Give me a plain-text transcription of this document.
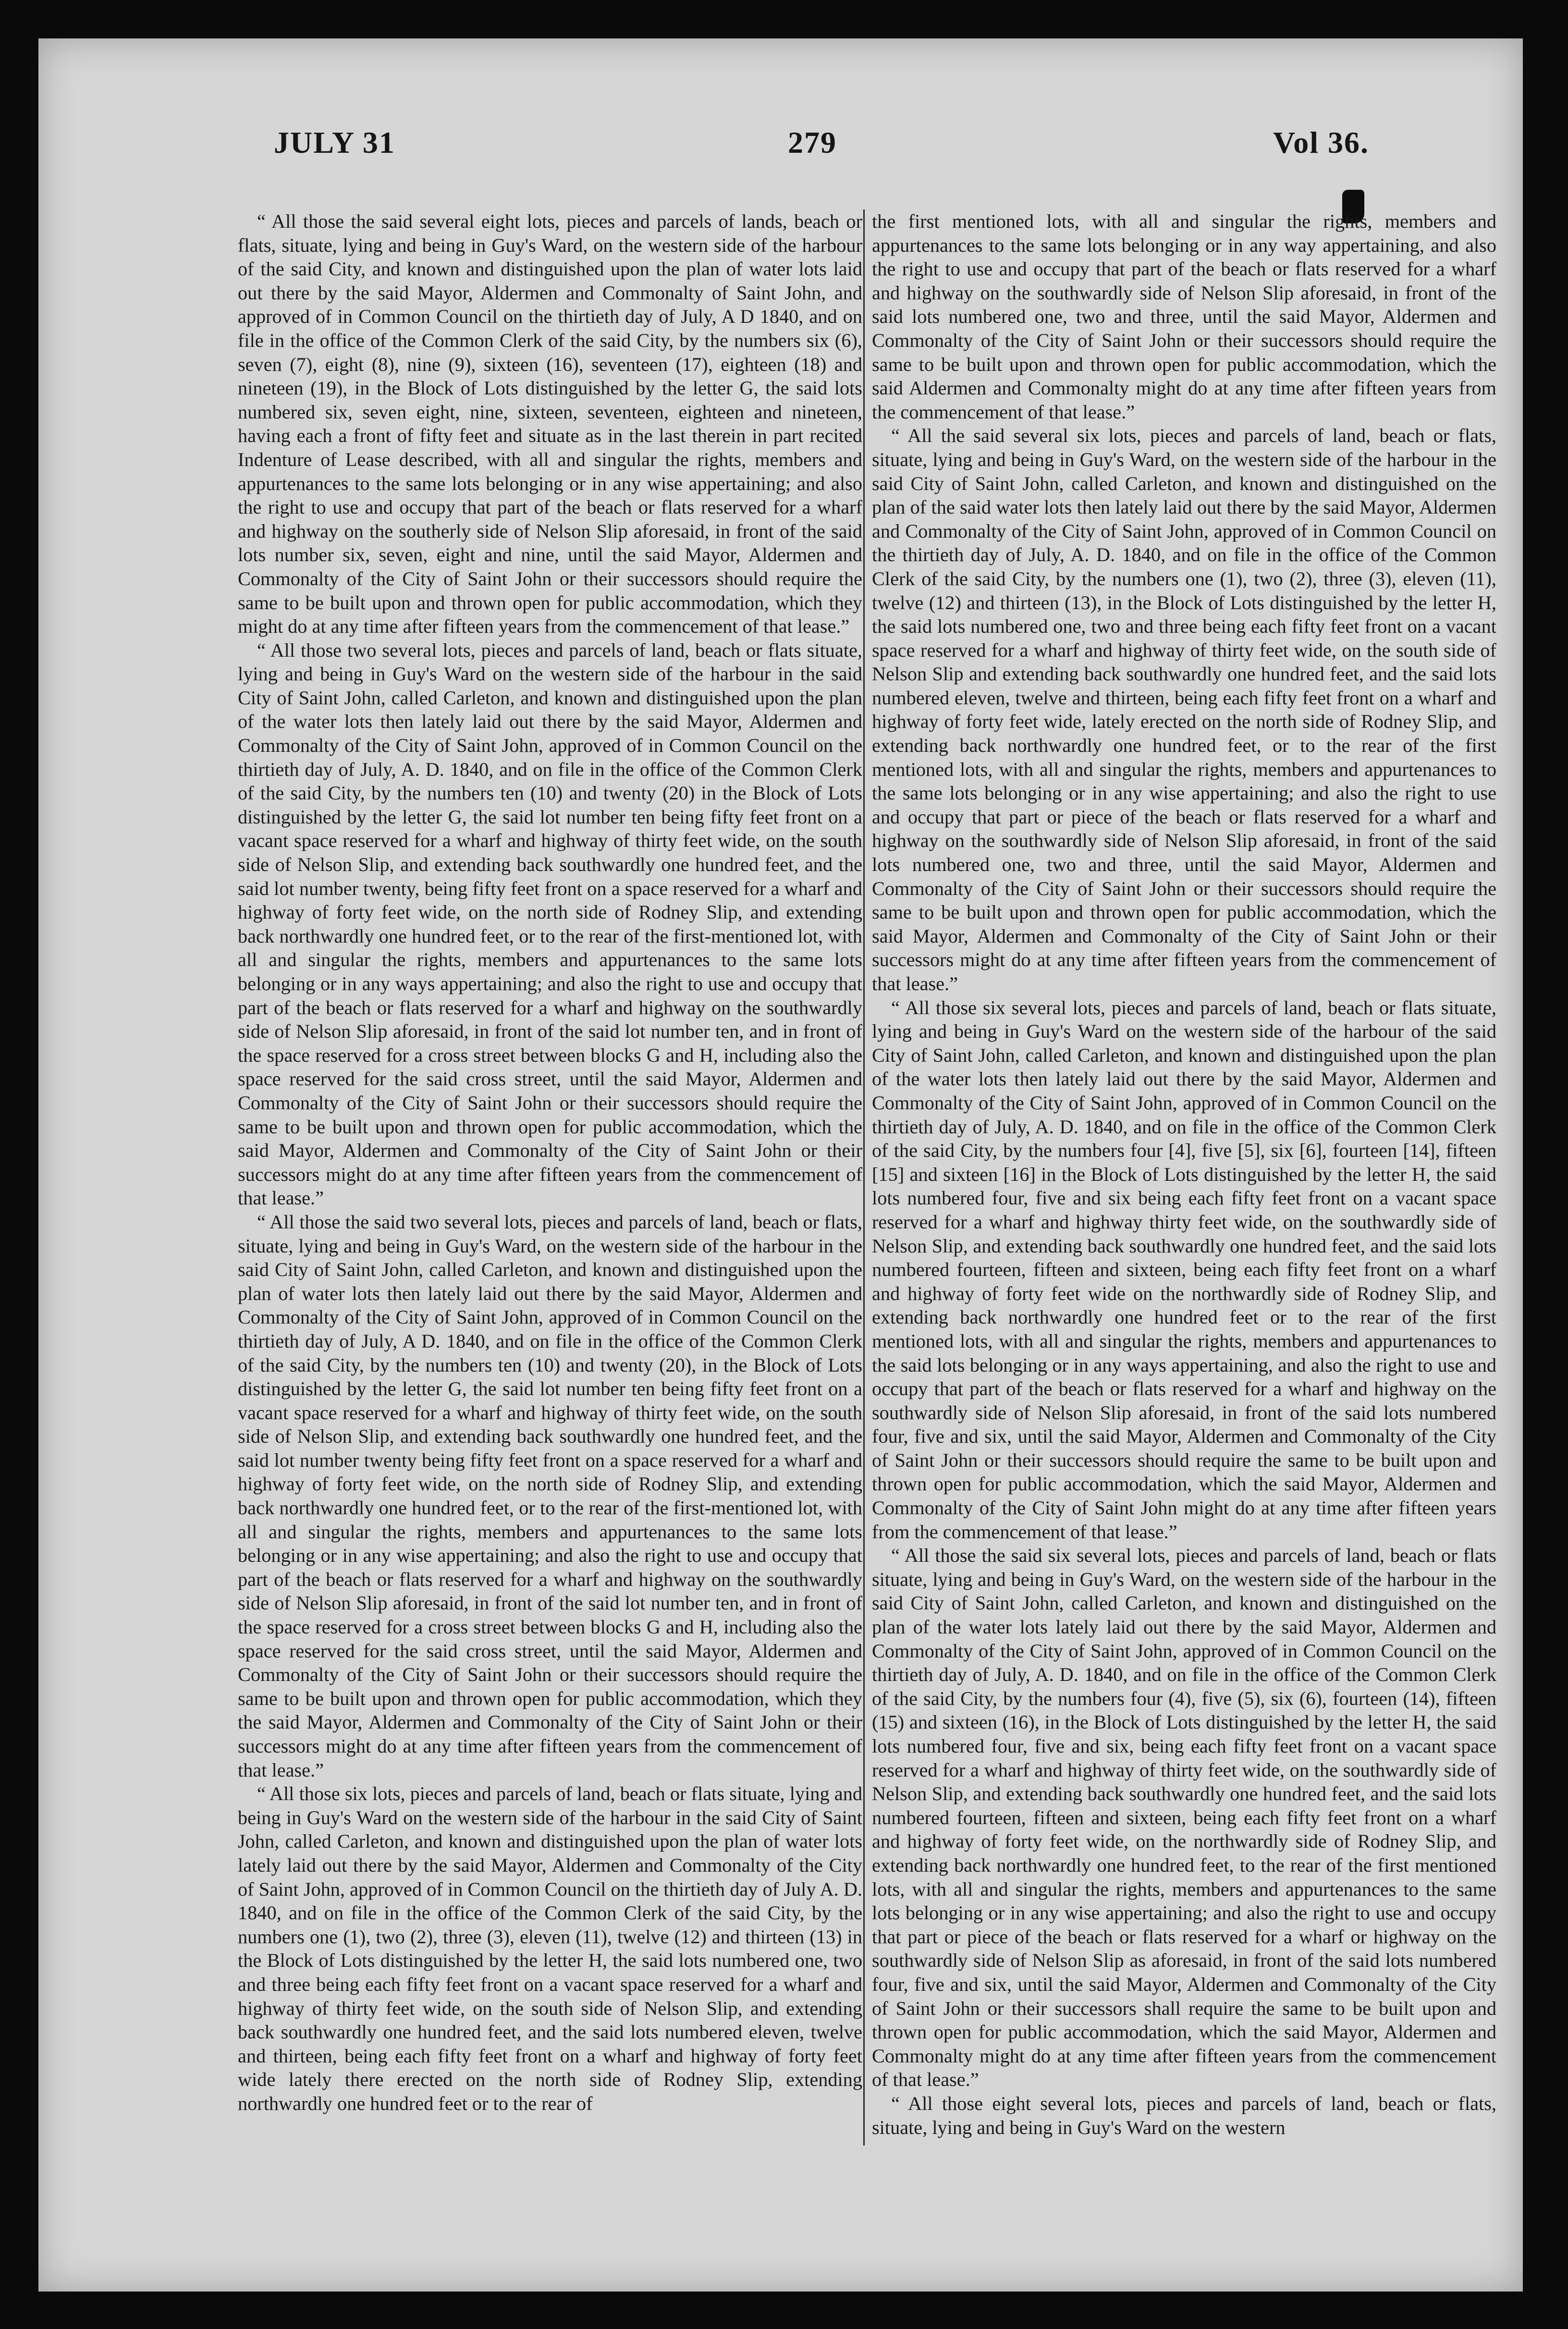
JULY 31	279	Vol 36.

“ All those the said several eight lots, pieces and parcels of lands, beach or flats, situate, lying and being in Guy's Ward, on the western side of the harbour of the said City, and known and distinguished upon the plan of water lots laid out there by the said Mayor, Aldermen and Commonalty of Saint John, and approved of in Common Council on the thirtieth day of July, A D 1840, and on file in the office of the Common Clerk of the said City, by the numbers six (6), seven (7), eight (8), nine (9), sixteen (16), seventeen (17), eighteen (18) and nineteen (19), in the Block of Lots distinguished by the letter G, the said lots numbered six, seven eight, nine, sixteen, seventeen, eighteen and nineteen, having each a front of fifty feet and situate as in the last therein in part recited Indenture of Lease described, with all and singular the rights, members and appurtenances to the same lots belonging or in any wise appertaining; and also the right to use and occupy that part of the beach or flats reserved for a wharf and highway on the southerly side of Nelson Slip aforesaid, in front of the said lots number six, seven, eight and nine, until the said Mayor, Aldermen and Commonalty of the City of Saint John or their successors should require the same to be built upon and thrown open for public accommodation, which they might do at any time after fifteen years from the commencement of that lease.”

“ All those two several lots, pieces and parcels of land, beach or flats situate, lying and being in Guy's Ward on the western side of the harbour in the said City of Saint John, called Carleton, and known and distinguished upon the plan of the water lots then lately laid out there by the said Mayor, Aldermen and Commonalty of the City of Saint John, approved of in Common Council on the thirtieth day of July, A. D. 1840, and on file in the office of the Common Clerk of the said City, by the numbers ten (10) and twenty (20) in the Block of Lots distinguished by the letter G, the said lot number ten being fifty feet front on a vacant space reserved for a wharf and highway of thirty feet wide, on the south side of Nelson Slip, and extending back southwardly one hundred feet, and the said lot number twenty, being fifty feet front on a space reserved for a wharf and highway of forty feet wide, on the north side of Rodney Slip, and extending back northwardly one hundred feet, or to the rear of the first-mentioned lot, with all and singular the rights, members and appurtenances to the same lots belonging or in any ways appertaining; and also the right to use and occupy that part of the beach or flats reserved for a wharf and highway on the southwardly side of Nelson Slip aforesaid, in front of the said lot number ten, and in front of the space reserved for a cross street between blocks G and H, including also the space reserved for the said cross street, until the said Mayor, Aldermen and Commonalty of the City of Saint John or their successors should require the same to be built upon and thrown open for public accommodation, which the said Mayor, Aldermen and Commonalty of the City of Saint John or their successors might do at any time after fifteen years from the commencement of that lease.”

“ All those the said two several lots, pieces and parcels of land, beach or flats, situate, lying and being in Guy's Ward, on the western side of the harbour in the said City of Saint John, called Carleton, and known and distinguished upon the plan of water lots then lately laid out there by the said Mayor, Aldermen and Commonalty of the City of Saint John, approved of in Common Council on the thirtieth day of July, A D. 1840, and on file in the office of the Common Clerk of the said City, by the numbers ten (10) and twenty (20), in the Block of Lots distinguished by the letter G, the said lot number ten being fifty feet front on a vacant space reserved for a wharf and highway of thirty feet wide, on the south side of Nelson Slip, and extending back southwardly one hundred feet, and the said lot number twenty being fifty feet front on a space reserved for a wharf and highway of forty feet wide, on the north side of Rodney Slip, and extending back northwardly one hundred feet, or to the rear of the first-mentioned lot, with all and singular the rights, members and appurtenances to the same lots belonging or in any wise appertaining; and also the right to use and occupy that part of the beach or flats reserved for a wharf and highway on the southwardly side of Nelson Slip aforesaid, in front of the said lot number ten, and in front of the space reserved for a cross street between blocks G and H, including also the space reserved for the said cross street, until the said Mayor, Aldermen and Commonalty of the City of Saint John or their successors should require the same to be built upon and thrown open for public accommodation, which they the said Mayor, Aldermen and Commonalty of the City of Saint John or their successors might do at any time after fifteen years from the commencement of that lease.”

“ All those six lots, pieces and parcels of land, beach or flats situate, lying and being in Guy's Ward on the western side of the harbour in the said City of Saint John, called Carleton, and known and distinguished upon the plan of water lots lately laid out there by the said Mayor, Aldermen and Commonalty of the City of Saint John, approved of in Common Council on the thirtieth day of July A. D. 1840, and on file in the office of the Common Clerk of the said City, by the numbers one (1), two (2), three (3), eleven (11), twelve (12) and thirteen (13) in the Block of Lots distinguished by the letter H, the said lots numbered one, two and three being each fifty feet front on a vacant space reserved for a wharf and highway of thirty feet wide, on the south side of Nelson Slip, and extending back southwardly one hundred feet, and the said lots numbered eleven, twelve and thirteen, being each fifty feet front on a wharf and highway of forty feet wide lately there erected on the north side of Rodney Slip, extending northwardly one hundred feet or to the rear of

the first mentioned lots, with all and singular the rights, members and appurtenances to the same lots belonging or in any way appertaining, and also the right to use and occupy that part of the beach or flats reserved for a wharf and highway on the southwardly side of Nelson Slip aforesaid, in front of the said lots numbered one, two and three, until the said Mayor, Aldermen and Commonalty of the City of Saint John or their successors should require the same to be built upon and thrown open for public accommodation, which the said Aldermen and Commonalty might do at any time after fifteen years from the commencement of that lease.”

“ All the said several six lots, pieces and parcels of land, beach or flats, situate, lying and being in Guy's Ward, on the western side of the harbour in the said City of Saint John, called Carleton, and known and distinguished on the plan of the said water lots then lately laid out there by the said Mayor, Aldermen and Commonalty of the City of Saint John, approved of in Common Council on the thirtieth day of July, A. D. 1840, and on file in the office of the Common Clerk of the said City, by the numbers one (1), two (2), three (3), eleven (11), twelve (12) and thirteen (13), in the Block of Lots distinguished by the letter H, the said lots numbered one, two and three being each fifty feet front on a vacant space reserved for a wharf and highway of thirty feet wide, on the south side of Nelson Slip and extending back southwardly one hundred feet, and the said lots numbered eleven, twelve and thirteen, being each fifty feet front on a wharf and highway of forty feet wide, lately erected on the north side of Rodney Slip, and extending back northwardly one hundred feet, or to the rear of the first mentioned lots, with all and singular the rights, members and appurtenances to the same lots belonging or in any wise appertaining; and also the right to use and occupy that part or piece of the beach or flats reserved for a wharf and highway on the southwardly side of Nelson Slip aforesaid, in front of the said lots numbered one, two and three, until the said Mayor, Aldermen and Commonalty of the City of Saint John or their successors should require the same to be built upon and thrown open for public accommodation, which the said Mayor, Aldermen and Commonalty of the City of Saint John or their successors might do at any time after fifteen years from the commencement of that lease.”

“ All those six several lots, pieces and parcels of land, beach or flats situate, lying and being in Guy's Ward on the western side of the harbour of the said City of Saint John, called Carleton, and known and distinguished upon the plan of the water lots then lately laid out there by the said Mayor, Aldermen and Commonalty of the City of Saint John, approved of in Common Council on the thirtieth day of July, A. D. 1840, and on file in the office of the Common Clerk of the said City, by the numbers four [4], five [5], six [6], fourteen [14], fifteen [15] and sixteen [16] in the Block of Lots distinguished by the letter H, the said lots numbered four, five and six being each fifty feet front on a vacant space reserved for a wharf and highway thirty feet wide, on the southwardly side of Nelson Slip, and extending back southwardly one hundred feet, and the said lots numbered fourteen, fifteen and sixteen, being each fifty feet front on a wharf and highway of forty feet wide on the northwardly side of Rodney Slip, and extending back northwardly one hundred feet or to the rear of the first mentioned lots, with all and singular the rights, members and appurtenances to the said lots belonging or in any ways appertaining, and also the right to use and occupy that part of the beach or flats reserved for a wharf and highway on the southwardly side of Nelson Slip aforesaid, in front of the said lots numbered four, five and six, until the said Mayor, Aldermen and Commonalty of the City of Saint John or their successors should require the same to be built upon and thrown open for public accommodation, which the said Mayor, Aldermen and Commonalty of the City of Saint John might do at any time after fifteen years from the commencement of that lease.”

“ All those the said six several lots, pieces and parcels of land, beach or flats situate, lying and being in Guy's Ward, on the western side of the harbour in the said City of Saint John, called Carleton, and known and distinguished on the plan of the water lots lately laid out there by the said Mayor, Aldermen and Commonalty of the City of Saint John, approved of in Common Council on the thirtieth day of July, A. D. 1840, and on file in the office of the Common Clerk of the said City, by the numbers four (4), five (5), six (6), fourteen (14), fifteen (15) and sixteen (16), in the Block of Lots distinguished by the letter H, the said lots numbered four, five and six, being each fifty feet front on a vacant space reserved for a wharf and highway of thirty feet wide, on the southwardly side of Nelson Slip, and extending back southwardly one hundred feet, and the said lots numbered fourteen, fifteen and sixteen, being each fifty feet front on a wharf and highway of forty feet wide, on the northwardly side of Rodney Slip, and extending back northwardly one hundred feet, to the rear of the first mentioned lots, with all and singular the rights, members and appurtenances to the same lots belonging or in any wise appertaining; and also the right to use and occupy that part or piece of the beach or flats reserved for a wharf or highway on the southwardly side of Nelson Slip as aforesaid, in front of the said lots numbered four, five and six, until the said Mayor, Aldermen and Commonalty of the City of Saint John or their successors shall require the same to be built upon and thrown open for public accommodation, which the said Mayor, Aldermen and Commonalty might do at any time after fifteen years from the commencement of that lease.”

“ All those eight several lots, pieces and parcels of land, beach or flats, situate, lying and being in Guy's Ward on the western
